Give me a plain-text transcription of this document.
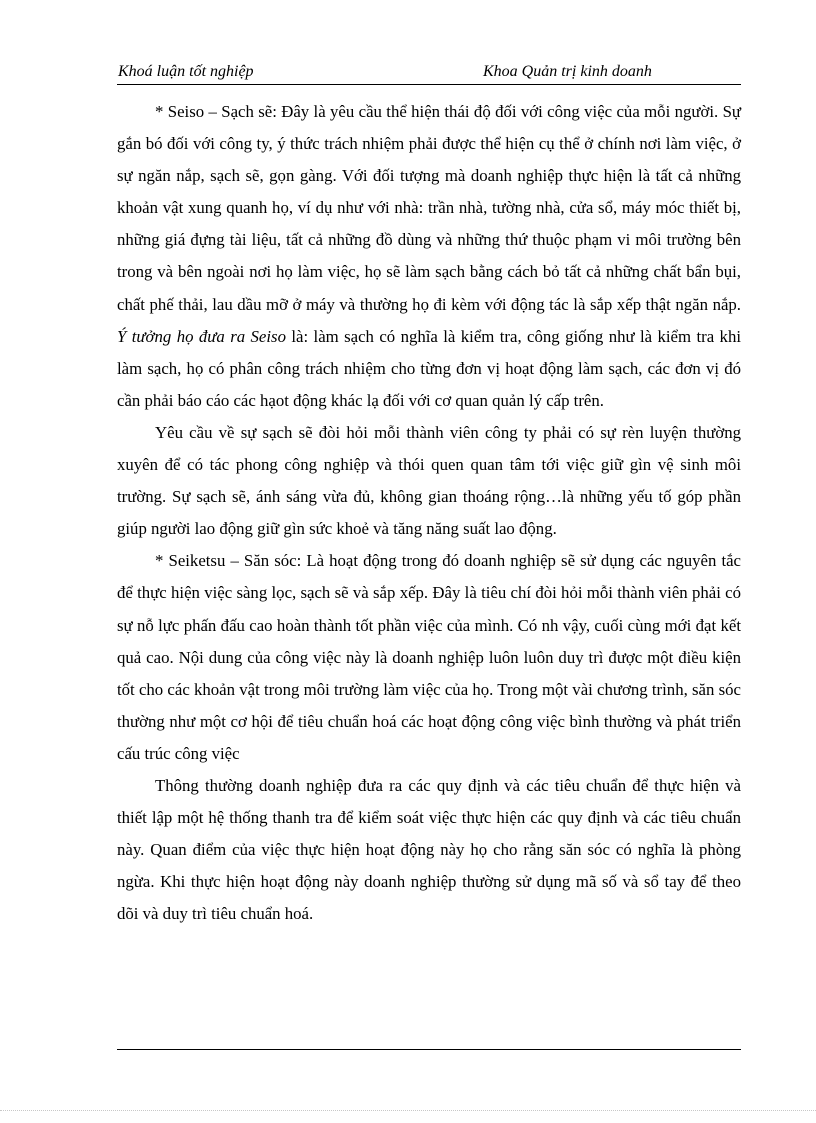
Khoá luận tốt nghiệp	Khoa Quản trị kinh doanh

* Seiso – Sạch sẽ: Đây là yêu cầu thể hiện thái độ đối với công việc của mỗi người. Sự gắn bó đối với công ty, ý thức trách nhiệm phải được thể hiện cụ thể ở chính nơi làm việc, ở sự ngăn nắp, sạch sẽ, gọn gàng. Với đối tượng mà doanh nghiệp thực hiện là tất cả những khoản vật xung quanh họ, ví dụ như với nhà: trần nhà, tường nhà, cửa sổ, máy móc thiết bị, những giá đựng tài liệu, tất cả những đồ dùng và những thứ thuộc phạm vi môi trường bên trong và bên ngoài nơi họ làm việc, họ sẽ làm sạch bằng cách bỏ tất cả những chất bẩn bụi, chất phế thải, lau dầu mỡ ở máy và thường họ đi kèm với động tác là sắp xếp thật ngăn nắp. Ý tưởng họ đưa ra Seiso là: làm sạch có nghĩa là kiểm tra, công giống như là kiểm tra khi làm sạch, họ có phân công trách nhiệm cho từng đơn vị hoạt động làm sạch, các đơn vị đó cần phải báo cáo các hạot động khác lạ đối với cơ quan quản lý cấp trên.

Yêu cầu về sự sạch sẽ đòi hỏi mỗi thành viên công ty phải có sự rèn luyện thường xuyên để có tác phong công nghiệp và thói quen quan tâm tới việc giữ gìn vệ sinh môi trường. Sự sạch sẽ, ánh sáng vừa đủ, không gian thoáng rộng…là những yếu tố góp phần giúp người lao động giữ gìn sức khoẻ và tăng năng suất lao động.

* Seiketsu – Săn sóc: Là hoạt động trong đó doanh nghiệp sẽ sử dụng các nguyên tắc để thực hiện việc sàng lọc, sạch sẽ và sắp xếp. Đây là tiêu chí đòi hỏi mỗi thành viên phải có sự nỗ lực phấn đấu cao hoàn thành tốt phần việc của mình. Có nh vậy, cuối cùng mới đạt kết quả cao. Nội dung của công việc này là doanh nghiệp luôn luôn duy trì được một điều kiện tốt cho các khoản vật trong môi trường làm việc của họ. Trong một vài chương trình, săn sóc thường như một cơ hội để tiêu chuẩn hoá các hoạt động công việc bình thường và phát triển cấu trúc công việc

Thông thường doanh nghiệp đưa ra các quy định và các tiêu chuẩn để thực hiện và thiết lập một hệ thống thanh tra để kiểm soát việc thực hiện các quy định và các tiêu chuẩn này. Quan điểm của việc thực hiện hoạt động này họ cho rằng săn sóc có nghĩa là phòng ngừa. Khi thực hiện hoạt động này doanh nghiệp thường sử dụng mã số và sổ tay để theo dõi và duy trì tiêu chuẩn hoá.
